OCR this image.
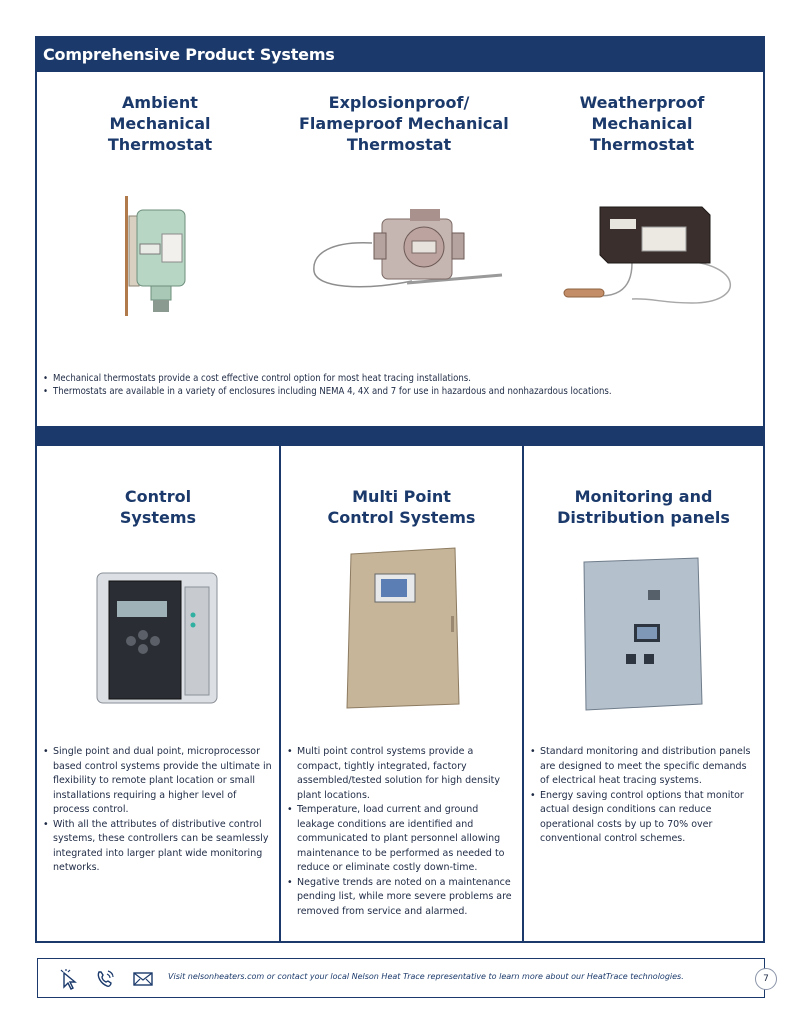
Comprehensive Product Systems
Ambient
Mechanical
Thermostat
Explosionproof/
Flameproof Mechanical
Thermostat
Weatherproof
Mechanical
Thermostat
• Mechanical thermostats provide a cost effective control option for most heat tracing installations.
• Thermostats are available in a variety of enclosures including NEMA 4, 4X and 7 for use in hazardous and nonhazardous locations.
Control
Systems
• Single point and dual point, microprocessor based control systems provide the ultimate in flexibility to remote plant location or small installations requiring a higher level of process control.
• With all the attributes of distributive control systems, these controllers can be seamlessly integrated into larger plant wide monitoring networks.
Multi Point
Control Systems
• Multi point control systems provide a compact, tightly integrated, factory assembled/tested solution for high density plant locations.
• Temperature, load current and ground leakage conditions are identified and communicated to plant personnel allowing maintenance to be performed as needed to reduce or eliminate costly down-time.
• Negative trends are noted on a maintenance pending list, while more severe problems are removed from service and alarmed.
Monitoring and
Distribution panels
• Standard monitoring and distribution panels are designed to meet the specific demands of electrical heat tracing systems.
• Energy saving control options that monitor actual design conditions can reduce operational costs by up to 70% over conventional control schemes.
Visit nelsonheaters.com or contact your local Nelson Heat Trace representative to learn more about our HeatTrace technologies.	7
